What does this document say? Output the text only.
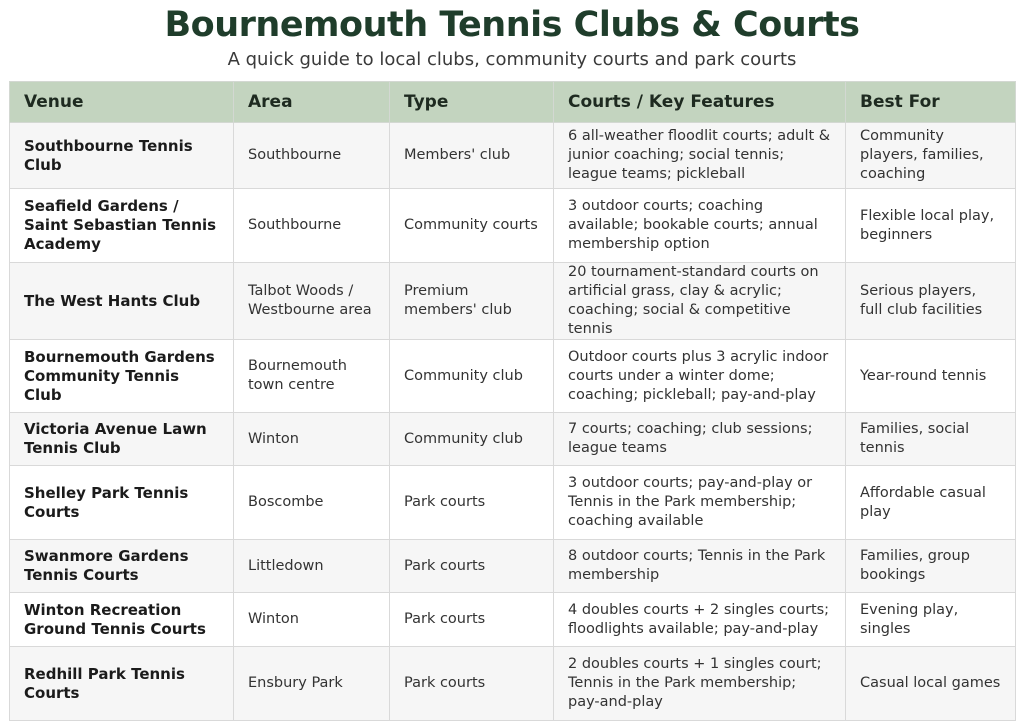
Bournemouth Tennis Clubs & Courts

A quick guide to local clubs, community courts and park courts

Venue	Area	Type	Courts / Key Features	Best For
Southbourne Tennis Club	Southbourne	Members' club	6 all-weather floodlit courts; adult & junior coaching; social tennis; league teams; pickleball	Community players, families, coaching
Seafield Gardens / Saint Sebastian Tennis Academy	Southbourne	Community courts	3 outdoor courts; coaching available; bookable courts; annual membership option	Flexible local play, beginners
The West Hants Club	Talbot Woods / Westbourne area	Premium members' club	20 tournament-standard courts on artificial grass, clay & acrylic; coaching; social & competitive tennis	Serious players, full club facilities
Bournemouth Gardens Community Tennis Club	Bournemouth town centre	Community club	Outdoor courts plus 3 acrylic indoor courts under a winter dome; coaching; pickleball; pay-and-play	Year-round tennis
Victoria Avenue Lawn Tennis Club	Winton	Community club	7 courts; coaching; club sessions; league teams	Families, social tennis
Shelley Park Tennis Courts	Boscombe	Park courts	3 outdoor courts; pay-and-play or Tennis in the Park membership; coaching available	Affordable casual play
Swanmore Gardens Tennis Courts	Littledown	Park courts	8 outdoor courts; Tennis in the Park membership	Families, group bookings
Winton Recreation Ground Tennis Courts	Winton	Park courts	4 doubles courts + 2 singles courts; floodlights available; pay-and-play	Evening play, singles
Redhill Park Tennis Courts	Ensbury Park	Park courts	2 doubles courts + 1 singles court; Tennis in the Park membership; pay-and-play	Casual local games
